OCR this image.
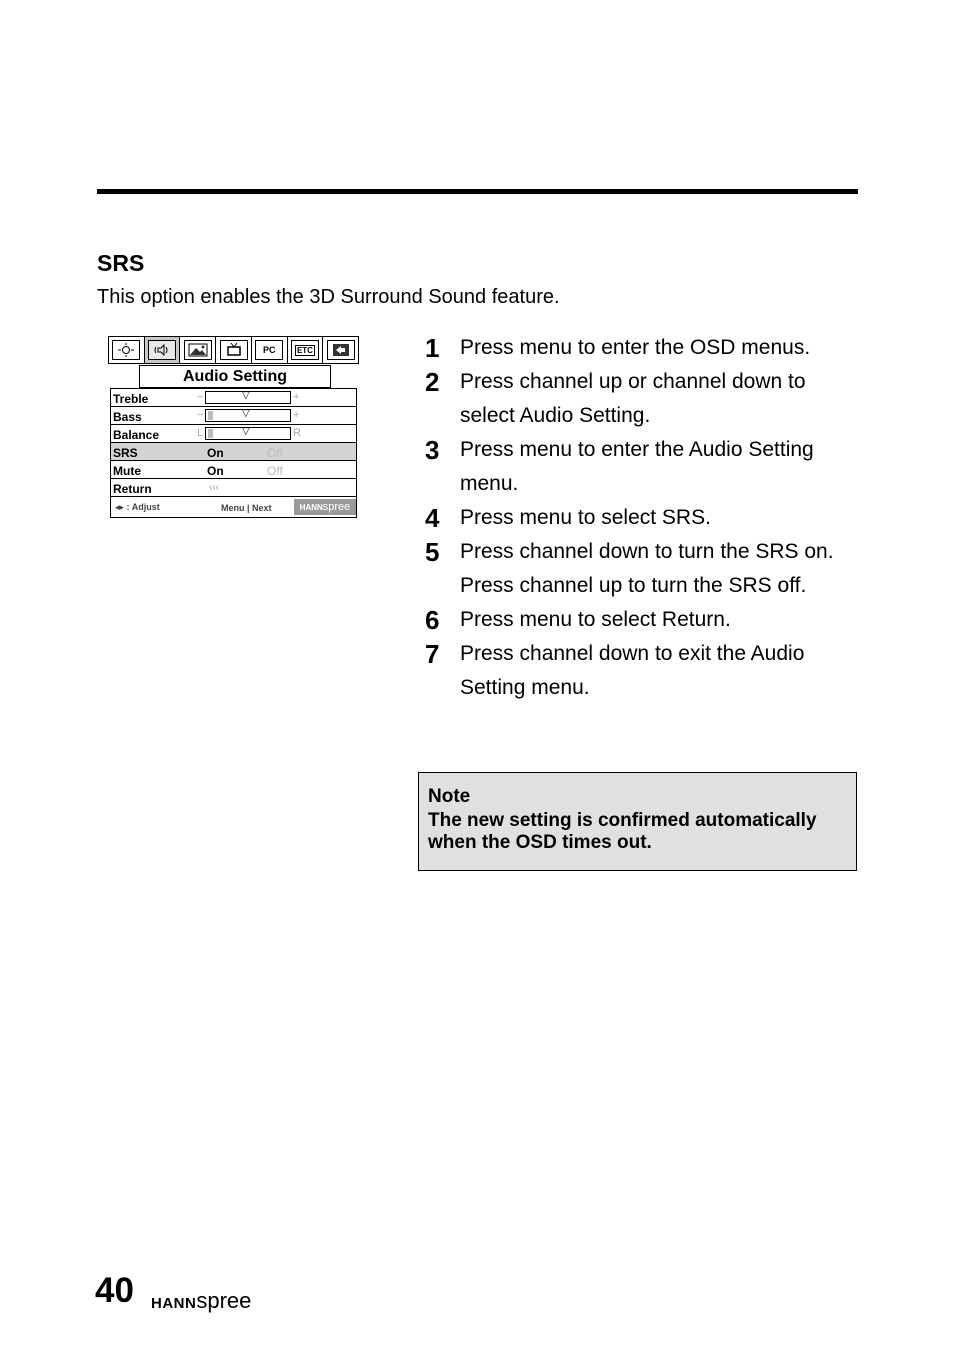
SRS
This option enables the 3D Surround Sound feature.
PC	ETC
Audio Setting
Treble	−	▽	+
Bass	−	▽	+
Balance	L	▽	R
SRS	On	Off
Mute	On	Off
Return	‹‹‹
◂▸ : Adjust	Menu | Next	HANNspree
1 Press menu to enter the OSD menus.
2 Press channel up or channel down to select Audio Setting.
3 Press menu to enter the Audio Setting menu.
4 Press menu to select SRS.
5 Press channel down to turn the SRS on. Press channel up to turn the SRS off.
6 Press menu to select Return.
7 Press channel down to exit the Audio Setting menu.
Note
The new setting is confirmed automatically when the OSD times out.
40 HANNspree
